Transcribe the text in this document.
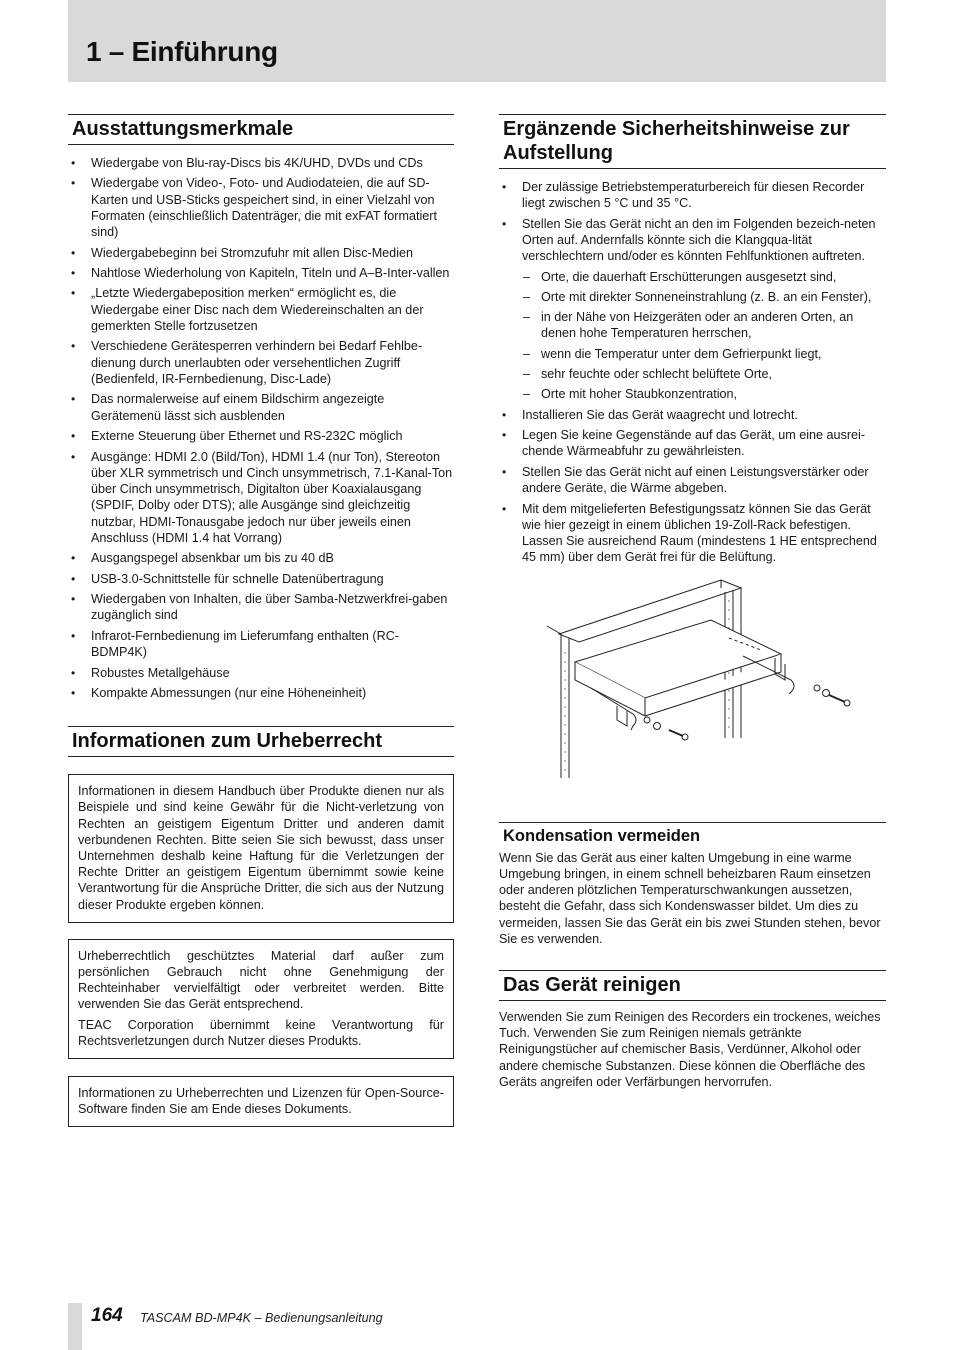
1 – Einführung
Ausstattungsmerkmale
• Wiedergabe von Blu-ray-Discs bis 4K/UHD, DVDs und CDs
• Wiedergabe von Video-, Foto- und Audiodateien, die auf SD-Karten und USB-Sticks gespeichert sind, in einer Vielzahl von Formaten (einschließlich Datenträger, die mit exFAT formatiert sind)
• Wiedergabebeginn bei Stromzufuhr mit allen Disc-Medien
• Nahtlose Wiederholung von Kapiteln, Titeln und A–B-Inter-vallen
• „Letzte Wiedergabeposition merken“ ermöglicht es, die Wiedergabe einer Disc nach dem Wiedereinschalten an der gemerkten Stelle fortzusetzen
• Verschiedene Gerätesperren verhindern bei Bedarf Fehlbe-dienung durch unerlaubten oder versehentlichen Zugriff (Bedienfeld, IR-Fernbedienung, Disc-Lade)
• Das normalerweise auf einem Bildschirm angezeigte Gerätemenü lässt sich ausblenden
• Externe Steuerung über Ethernet und RS-232C möglich
• Ausgänge: HDMI 2.0 (Bild/Ton), HDMI 1.4 (nur Ton), Stereoton über XLR symmetrisch und Cinch unsymmetrisch, 7.1-Kanal-Ton über Cinch unsymmetrisch, Digitalton über Koaxialausgang (SPDIF, Dolby oder DTS); alle Ausgänge sind gleichzeitig nutzbar, HDMI-Tonausgabe jedoch nur über jeweils einen Anschluss (HDMI 1.4 hat Vorrang)
• Ausgangspegel absenkbar um bis zu 40 dB
• USB-3.0-Schnittstelle für schnelle Datenübertragung
• Wiedergaben von Inhalten, die über Samba-Netzwerkfrei-gaben zugänglich sind
• Infrarot-Fernbedienung im Lieferumfang enthalten (RC-BDMP4K)
• Robustes Metallgehäuse
• Kompakte Abmessungen (nur eine Höheneinheit)
Informationen zum Urheberrecht

Informationen in diesem Handbuch über Produkte dienen nur als Beispiele und sind keine Gewähr für die Nicht-verletzung von Rechten an geistigem Eigentum Dritter und anderen damit verbundenen Rechten. Bitte seien Sie sich bewusst, dass unser Unternehmen deshalb keine Haftung für die Verletzungen der Rechte Dritter an geistigem Eigentum übernimmt sowie keine Verantwortung für die Ansprüche Dritter, die sich aus der Nutzung dieser Produkte ergeben können.

Urheberrechtlich geschütztes Material darf außer zum persönlichen Gebrauch nicht ohne Genehmigung der Rechteinhaber vervielfältigt oder verbreitet werden. Bitte verwenden Sie das Gerät entsprechend.

TEAC Corporation übernimmt keine Verantwortung für Rechtsverletzungen durch Nutzer dieses Produkts.

Informationen zu Urheberrechten und Lizenzen für Open-Source-Software finden Sie am Ende dieses Dokuments.

Ergänzende Sicherheitshinweise zur Aufstellung
• Der zulässige Betriebstemperaturbereich für diesen Recorder liegt zwischen 5 °C und 35 °C.
• Stellen Sie das Gerät nicht an den im Folgenden bezeich-neten Orten auf. Andernfalls könnte sich die Klangqua-lität verschlechtern und/oder es könnten Fehlfunktionen auftreten.
– Orte, die dauerhaft Erschütterungen ausgesetzt sind,
– Orte mit direkter Sonneneinstrahlung (z. B. an ein Fenster),
– in der Nähe von Heizgeräten oder an anderen Orten, an denen hohe Temperaturen herrschen,
– wenn die Temperatur unter dem Gefrierpunkt liegt,
– sehr feuchte oder schlecht belüftete Orte,
– Orte mit hoher Staubkonzentration,
• Installieren Sie das Gerät waagrecht und lotrecht.
• Legen Sie keine Gegenstände auf das Gerät, um eine ausrei-chende Wärmeabfuhr zu gewährleisten.
• Stellen Sie das Gerät nicht auf einen Leistungsverstärker oder andere Geräte, die Wärme abgeben.
• Mit dem mitgelieferten Befestigungssatz können Sie das Gerät wie hier gezeigt in einem üblichen 19-Zoll-Rack befestigen. Lassen Sie ausreichend Raum (mindestens 1 HE entsprechend 45 mm) über dem Gerät frei für die Belüftung.
Kondensation vermeiden

Wenn Sie das Gerät aus einer kalten Umgebung in eine warme Umgebung bringen, in einem schnell beheizbaren Raum einsetzen oder anderen plötzlichen Temperaturschwankungen aussetzen, besteht die Gefahr, dass sich Kondenswasser bildet. Um dies zu vermeiden, lassen Sie das Gerät ein bis zwei Stunden stehen, bevor Sie es verwenden.

Das Gerät reinigen

Verwenden Sie zum Reinigen des Recorders ein trockenes, weiches Tuch. Verwenden Sie zum Reinigen niemals getränkte Reinigungstücher auf chemischer Basis, Verdünner, Alkohol oder andere chemische Substanzen. Diese können die Oberfläche des Geräts angreifen oder Verfärbungen hervorrufen.

164 TASCAM BD-MP4K – Bedienungsanleitung
